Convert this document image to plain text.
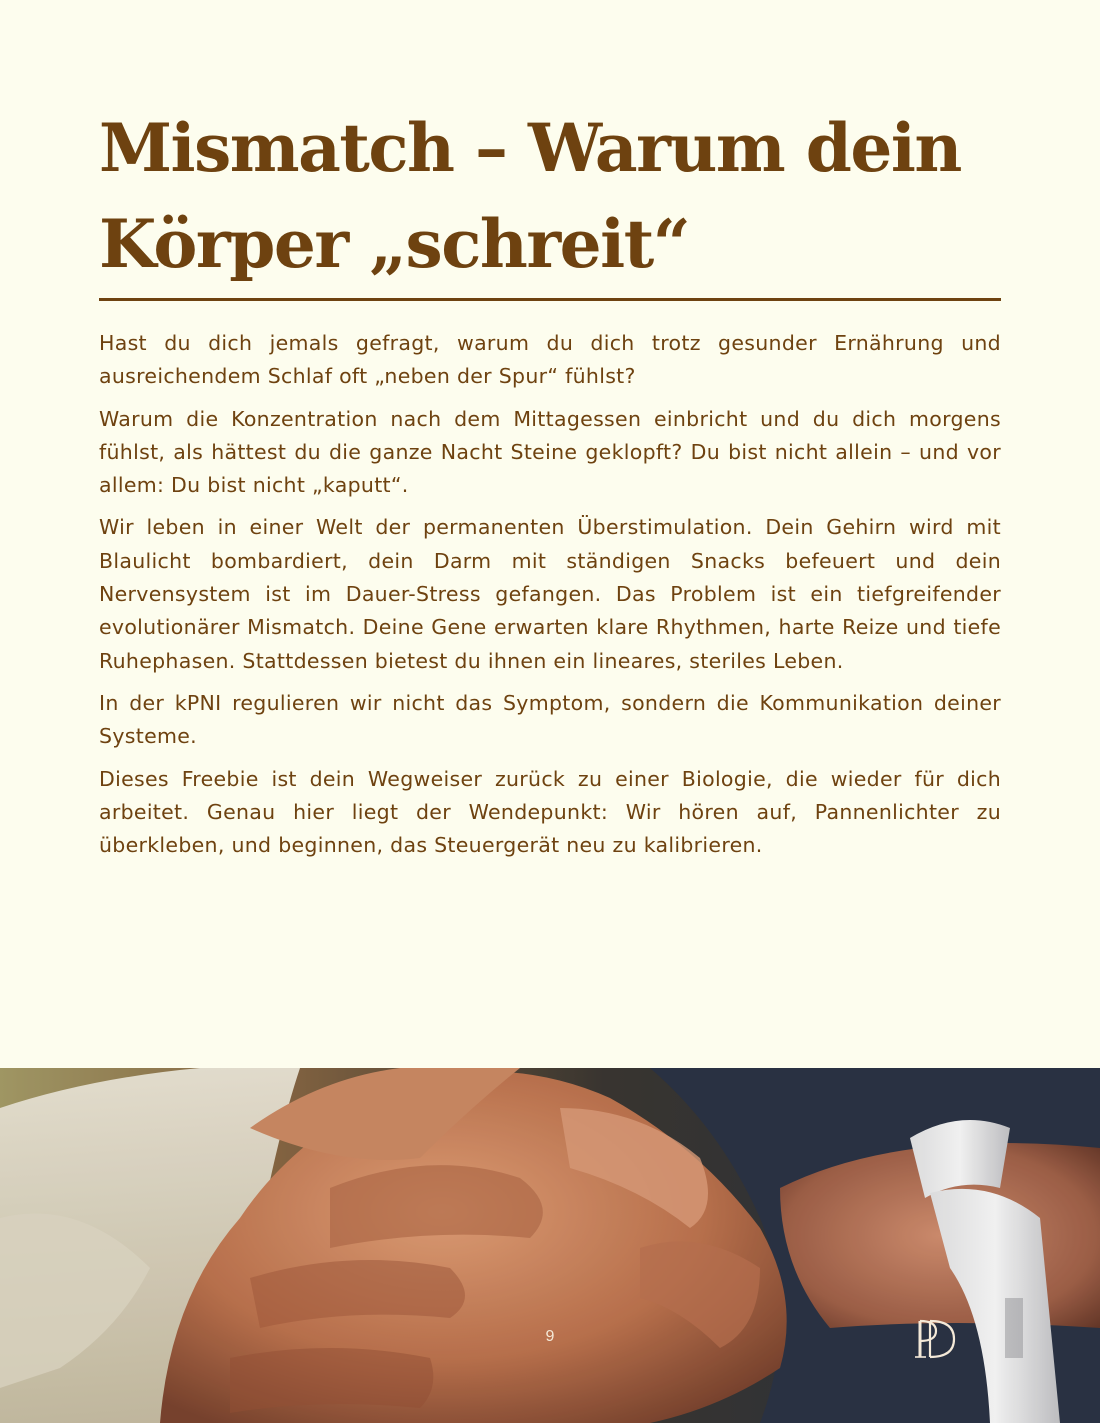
Mismatch – Warum dein Körper „schreit“

Hast du dich jemals gefragt, warum du dich trotz gesunder Ernährung und ausreichendem Schlaf oft „neben der Spur“ fühlst?

Warum die Konzentration nach dem Mittagessen einbricht und du dich morgens fühlst, als hättest du die ganze Nacht Steine geklopft? Du bist nicht allein – und vor allem: Du bist nicht „kaputt“.

Wir leben in einer Welt der permanenten Überstimulation. Dein Gehirn wird mit Blaulicht bombardiert, dein Darm mit ständigen Snacks befeuert und dein Nervensystem ist im Dauer-Stress gefangen. Das Problem ist ein tiefgreifender evolutionärer Mismatch. Deine Gene erwarten klare Rhythmen, harte Reize und tiefe Ruhephasen. Stattdessen bietest du ihnen ein lineares, steriles Leben.

In der kPNI regulieren wir nicht das Symptom, sondern die Kommunikation deiner Systeme.

Dieses Freebie ist dein Wegweiser zurück zu einer Biologie, die wieder für dich arbeitet. Genau hier liegt der Wendepunkt: Wir hören auf, Pannenlichter zu überkleben, und beginnen, das Steuergerät neu zu kalibrieren.

9
